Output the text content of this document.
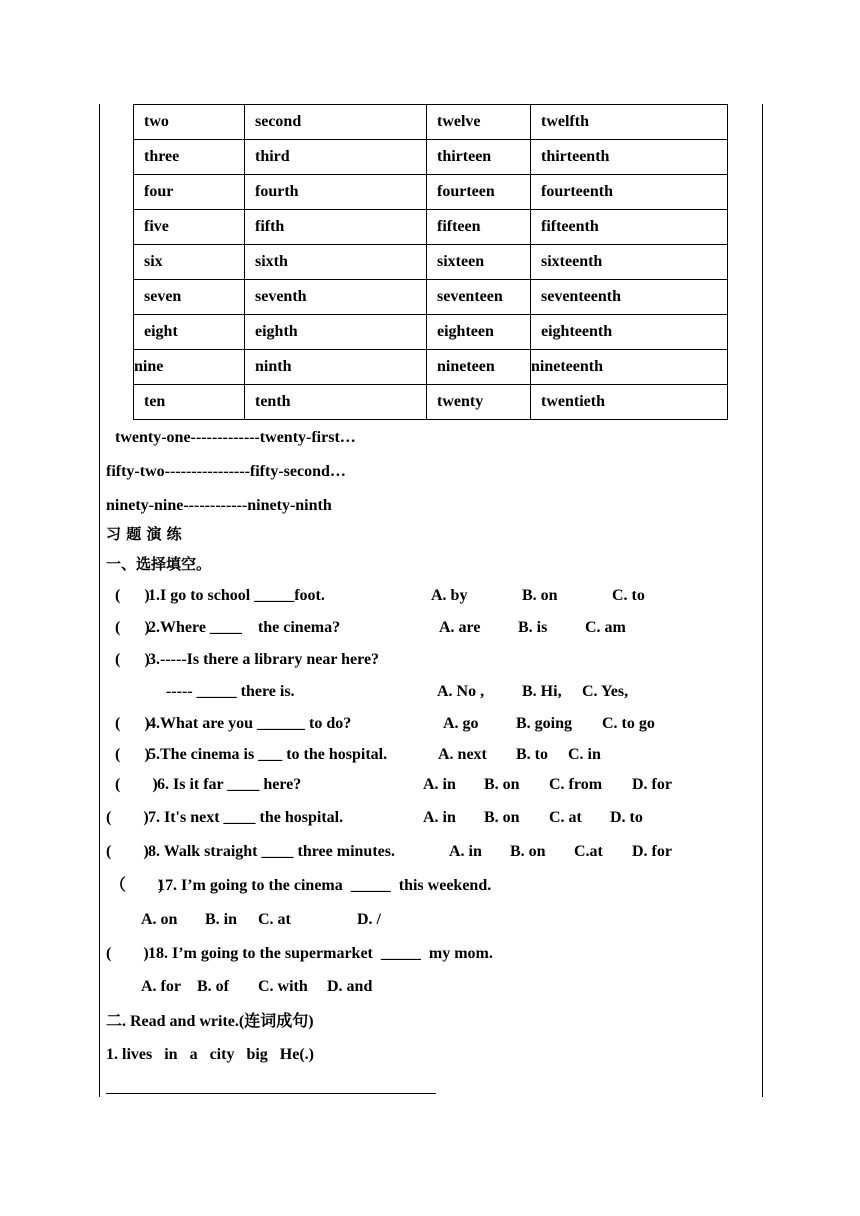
two	second	twelve	twelfth
three	third	thirteen	thirteenth
four	fourth	fourteen	fourteenth
five	fifth	fifteen	fifteenth
six	sixth	sixteen	sixteenth
seven	seventh	seventeen	seventeenth
eight	eighth	eighteen	eighteenth
nine	ninth	nineteen	nineteenth
ten	tenth	twenty	twentieth
twenty-one-------------twenty-first…
fifty-two----------------fifty-second…
ninety-nine------------ninety-ninth
习 题 演 练
一、选择填空。
(      )
1.I go to school _____foot.	A. by	B. on	C. to
(      )
2.Where ____    the cinema?	A. are B. is C. am
(      )
3.-----Is there a library near here?
----- _____ there is.	A. No , B. Hi, C. Yes,
(      )
4.What are you ______ to do?	A. go B. going C. to go
(      )
5.The cinema is ___ to the hospital.	A. next B. to C. in
(        ) 6. Is it far ____ here?	A. in B. on C. from D. for
(        ) 7. It's next ____ the hospital.	A. in B. on C. at D. to
(        ) 8. Walk straight ____ three minutes.	A. in B. on C.at D. for
（        )
17. I’m going to the cinema  _____  this weekend.
A. on B. in C. at	D. /
(        ) 18. I’m going to the supermarket  _____  my mom.
A. for B. of C. with D. and
二. Read and write.(连词成句)
1. lives   in   a   city   big   He(.)
